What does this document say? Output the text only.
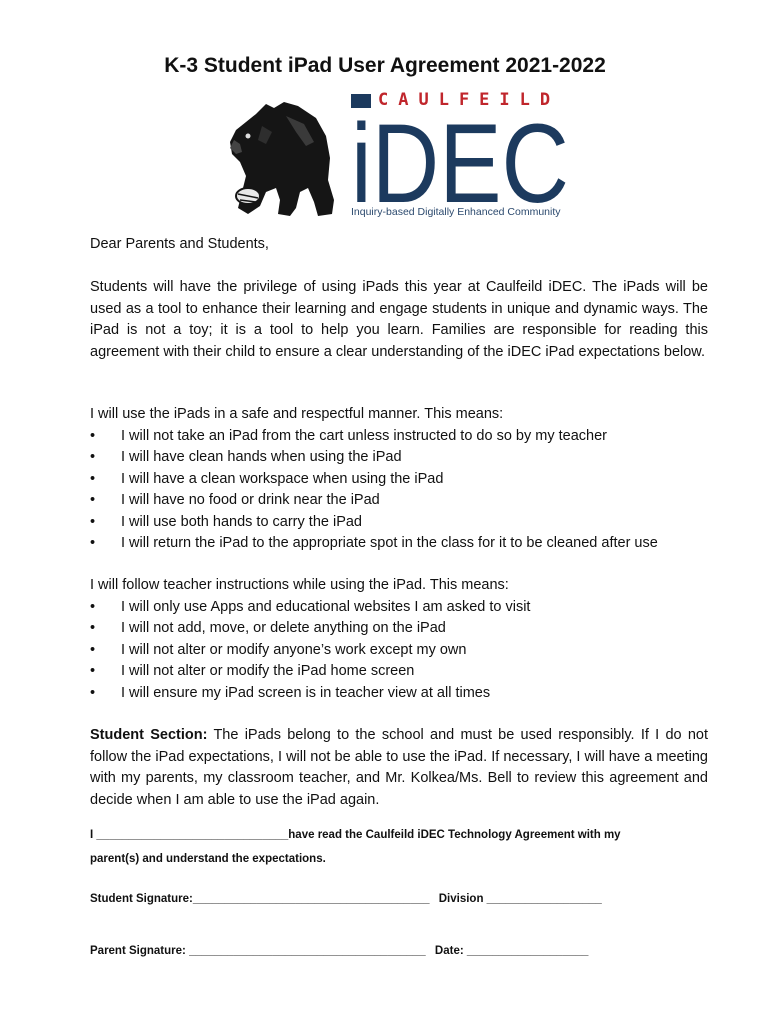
K-3 Student iPad User Agreement 2021-2022
CAULFEILD
iDEC
Inquiry-based Digitally Enhanced Community

Dear Parents and Students,

Students will have the privilege of using iPads this year at Caulfeild iDEC. The iPads will be used as a tool to enhance their learning and engage students in unique and dynamic ways. The iPad is not a toy; it is a tool to help you learn. Families are responsible for reading this agreement with their child to ensure a clear understanding of the iDEC iPad expectations below.

I will use the iPads in a safe and respectful manner. This means:

• I will not take an iPad from the cart unless instructed to do so by my teacher
• I will have clean hands when using the iPad
• I will have a clean workspace when using the iPad
• I will have no food or drink near the iPad
• I will use both hands to carry the iPad
• I will return the iPad to the appropriate spot in the class for it to be cleaned after use

I will follow teacher instructions while using the iPad. This means:

• I will only use Apps and educational websites I am asked to visit
• I will not add, move, or delete anything on the iPad
• I will not alter or modify anyone’s work except my own
• I will not alter or modify the iPad home screen
• I will ensure my iPad screen is in teacher view at all times

Student Section: The iPads belong to the school and must be used responsibly. If I do not follow the iPad expectations, I will not be able to use the iPad. If necessary, I will have a meeting with my parents, my classroom teacher, and Mr. Kolkea/Ms. Bell to review this agreement and decide when I am able to use the iPad again.

I ______________________________have read the Caulfeild iDEC Technology Agreement with my
parent(s) and understand the expectations.
Student Signature:_____________________________________ Division __________________
Parent Signature: _____________________________________ Date: ___________________
